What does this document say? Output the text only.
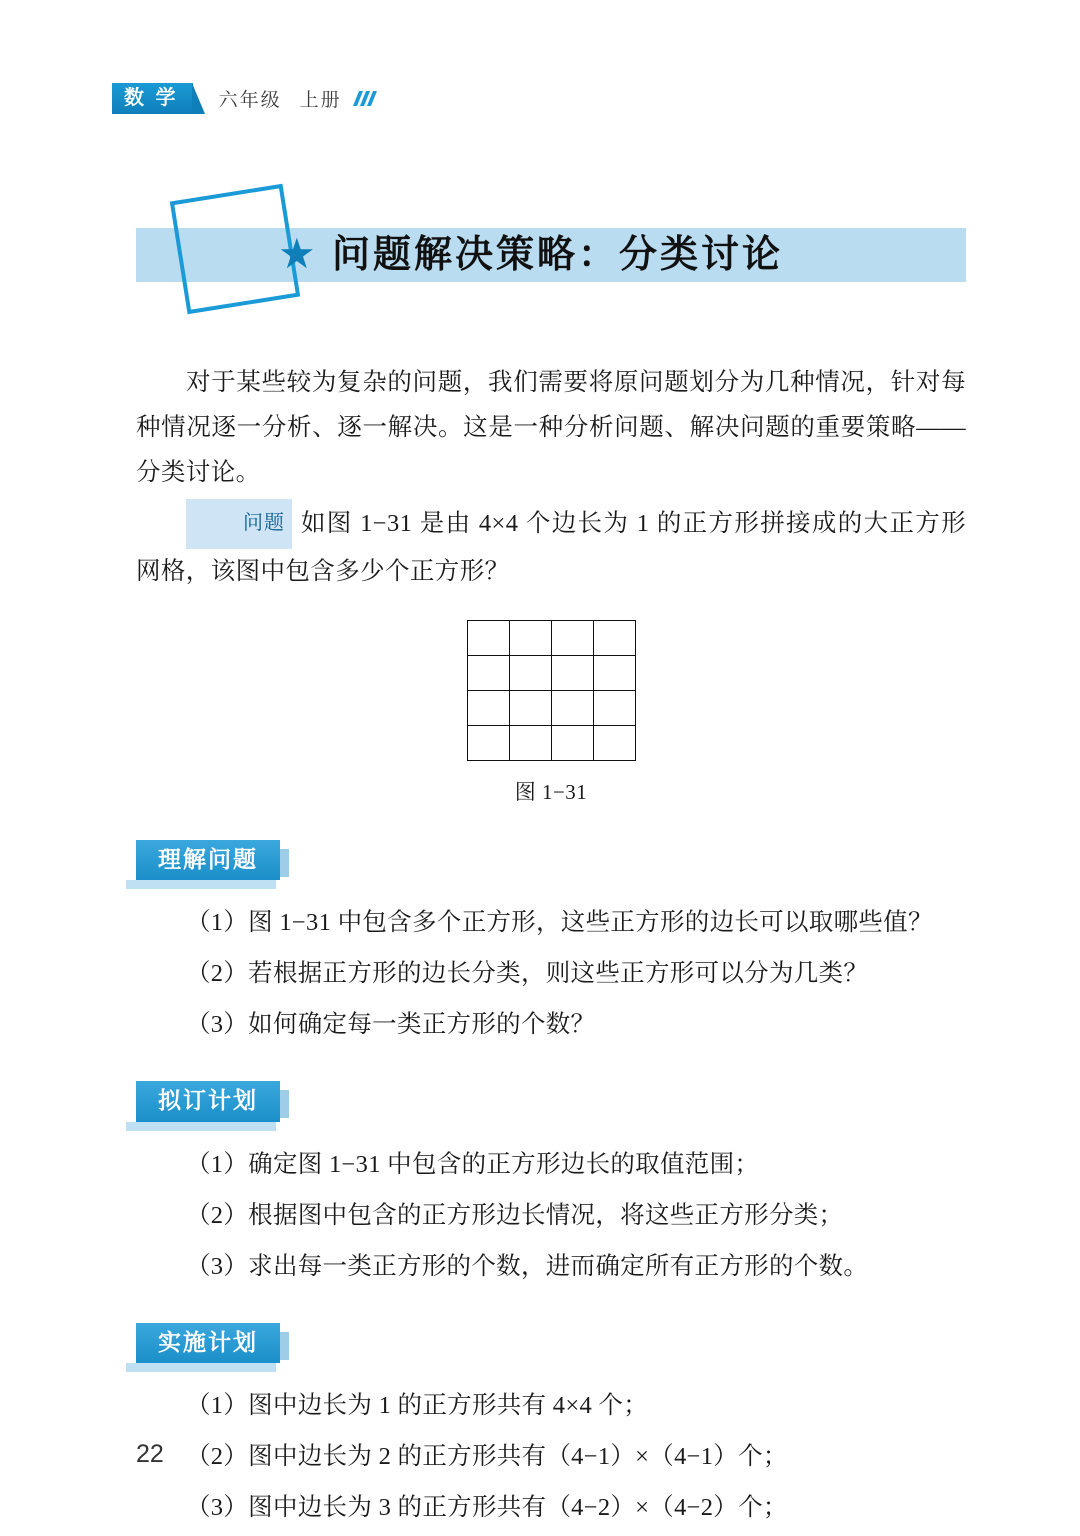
数 学	六年级 上册
★ 问题解决策略：分类讨论

对于某些较为复杂的问题，我们需要将原问题划分为几种情况，针对每种情况逐一分析、逐一解决。这是一种分析问题、解决问题的重要策略——分类讨论。

问题 如图 1−31 是由 4×4 个边长为 1 的正方形拼接成的大正方形网格，该图中包含多少个正方形？

图 1−31
理解问题

（1）图 1−31 中包含多个正方形，这些正方形的边长可以取哪些值？

（2）若根据正方形的边长分类，则这些正方形可以分为几类？

（3）如何确定每一类正方形的个数？

拟订计划

（1）确定图 1−31 中包含的正方形边长的取值范围；

（2）根据图中包含的正方形边长情况，将这些正方形分类；

（3）求出每一类正方形的个数，进而确定所有正方形的个数。

实施计划

（1）图中边长为 1 的正方形共有 4×4 个；

（2）图中边长为 2 的正方形共有（4−1）×（4−1）个；

（3）图中边长为 3 的正方形共有（4−2）×（4−2）个；

22
